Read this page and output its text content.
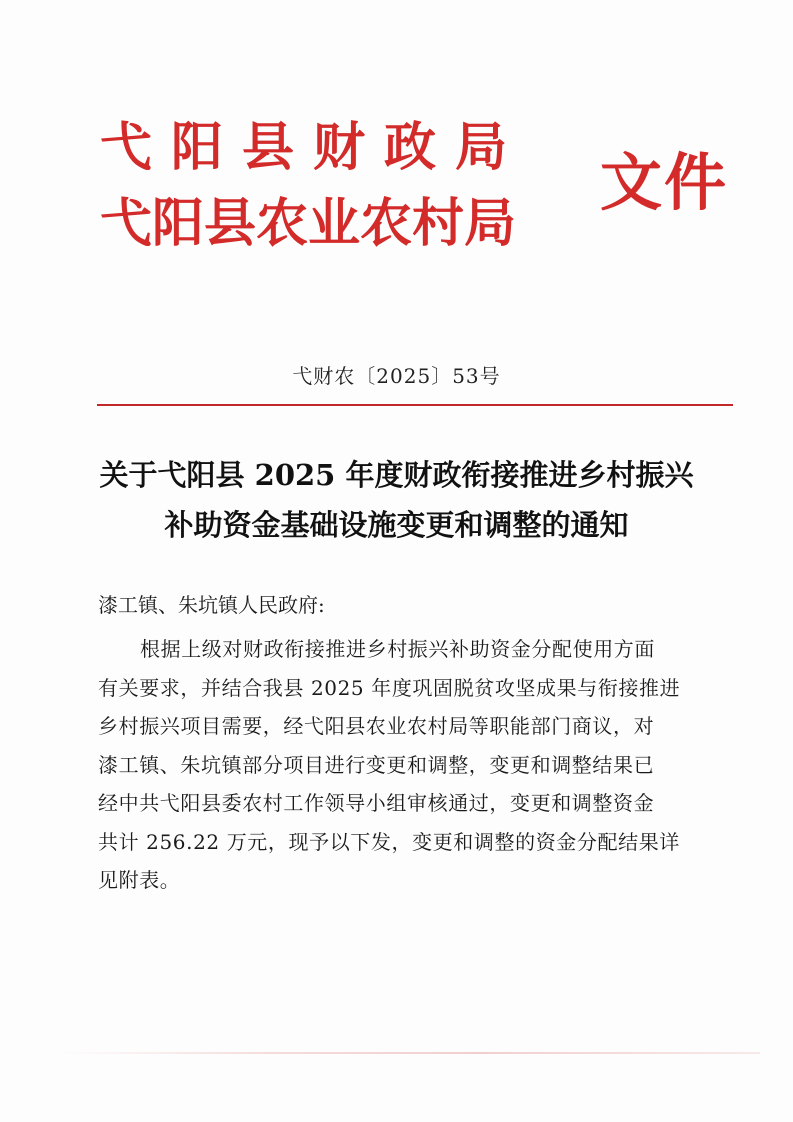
弋阳县财政局
弋阳县农业农村局
文件
弋财农〔2025〕53号
关于弋阳县 2025 年度财政衔接推进乡村振兴
补助资金基础设施变更和调整的通知
漆工镇、朱坑镇人民政府:
根据上级对财政衔接推进乡村振兴补助资金分配使用方面
有关要求，并结合我县 2025 年度巩固脱贫攻坚成果与衔接推进
乡村振兴项目需要，经弋阳县农业农村局等职能部门商议，对
漆工镇、朱坑镇部分项目进行变更和调整，变更和调整结果已
经中共弋阳县委农村工作领导小组审核通过，变更和调整资金
共计 256.22 万元，现予以下发，变更和调整的资金分配结果详
见附表。
